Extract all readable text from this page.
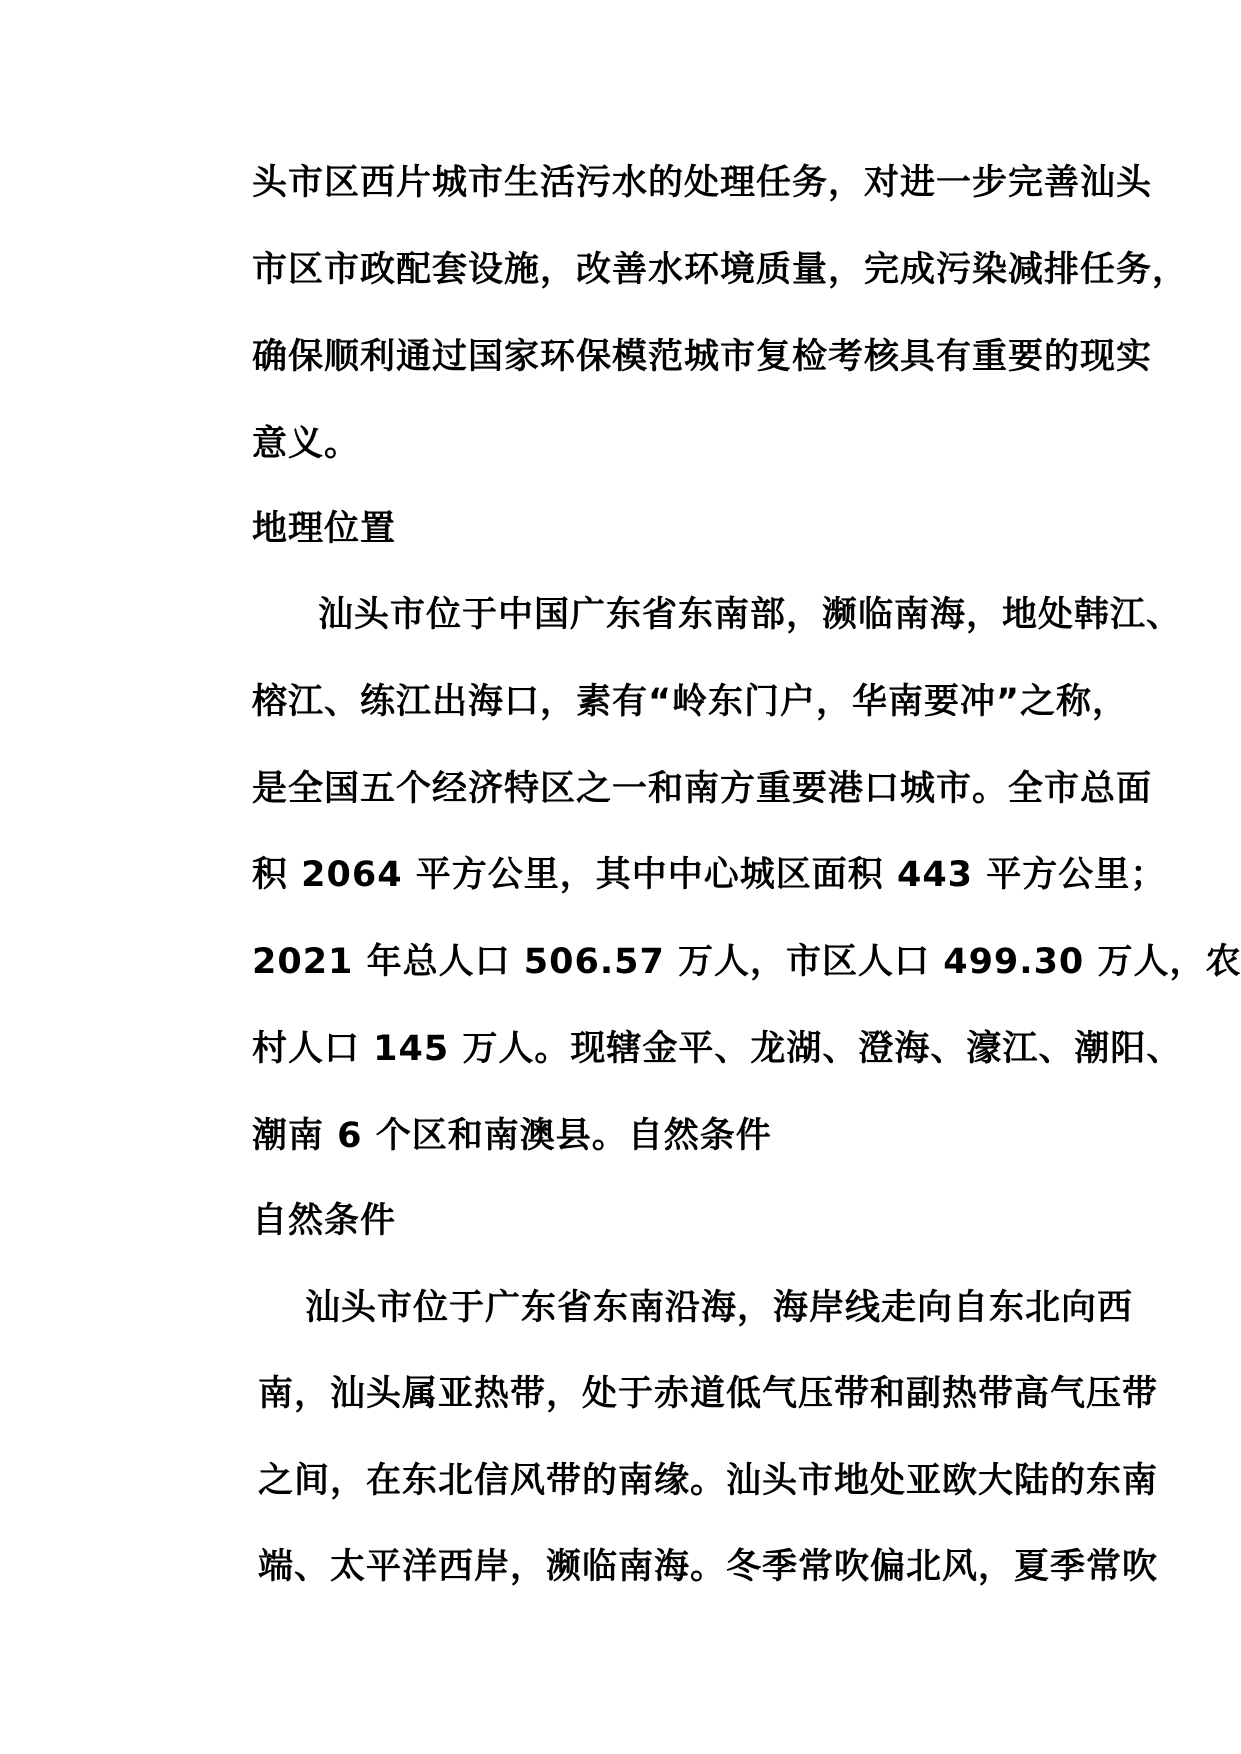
头市区西片城市生活污水的处理任务，对进一步完善汕头
市区市政配套设施，改善水环境质量，完成污染减排任务，
确保顺利通过国家环保模范城市复检考核具有重要的现实
意义。
地理位置
汕头市位于中国广东省东南部，濒临南海，地处韩江、
榕江、练江出海口，素有“岭东门户，华南要冲”之称，
是全国五个经济特区之一和南方重要港口城市。全市总面
积 2064 平方公里，其中中心城区面积 443 平方公里；
2021 年总人口 506.57 万人，市区人口 499.30 万人，农
村人口 145 万人。现辖金平、龙湖、澄海、濠江、潮阳、
潮南 6 个区和南澳县。自然条件
自然条件
汕头市位于广东省东南沿海，海岸线走向自东北向西
南，汕头属亚热带，处于赤道低气压带和副热带高气压带
之间，在东北信风带的南缘。汕头市地处亚欧大陆的东南
端、太平洋西岸，濒临南海。冬季常吹偏北风，夏季常吹
